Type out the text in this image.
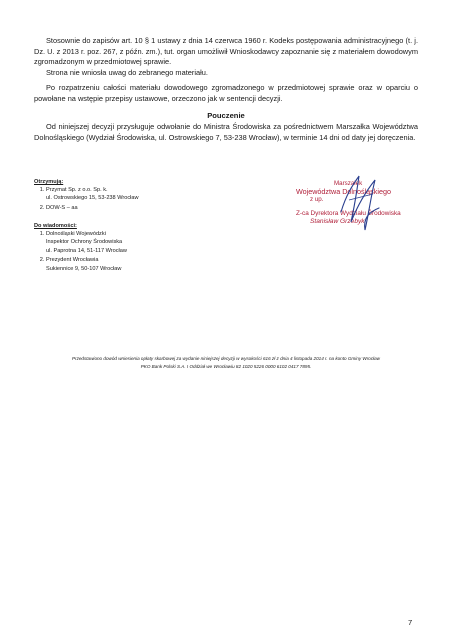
Stosownie do zapisów art. 10 § 1 ustawy z dnia 14 czerwca 1960 r. Kodeks postępowania administracyjnego (t. j. Dz. U. z 2013 r. poz. 267, z późn. zm.), tut. organ umożliwił Wnioskodawcy zapoznanie się z materiałem dowodowym zgromadzonym w przedmiotowej sprawie.

Strona nie wniosła uwag do zebranego materiału.

Po rozpatrzeniu całości materiału dowodowego zgromadzonego w przedmiotowej sprawie oraz w oparciu o powołane na wstępie przepisy ustawowe, orzeczono jak w sentencji decyzji.

Pouczenie

Od niniejszej decyzji przysługuje odwołanie do Ministra Środowiska za pośrednictwem Marszałka Województwa Dolnośląskiego (Wydział Środowiska, ul. Ostrowskiego 7, 53-238 Wrocław), w terminie 14 dni od daty jej doręczenia.

Otrzymują:
1. Przymat Sp. z o.o. Sp. k.
ul. Ostrowskiego 15, 53-238 Wrocław
2. DOW-S – aa
Do wiadomości:
1. Dolnośląski Wojewódzki
Inspektor Ochrony Środowiska
ul. Paprotna 14, 51-117 Wrocław
2. Prezydent Wrocławia
Sukiennice 9, 50-107 Wrocław
Marszałek
Województwa Dolnośląskiego
z up.
Z-ca Dyrektora Wydziału Środowiska
Stanisław Grzebyk
Przedstawiono dowód wniesienia opłaty skarbowej za wydanie niniejszej decyzji w wysokości 616 zł z dnia 4 listopada 2014 r. na konto Gminy Wrocław
PKO Bank Polski S.A. I Oddział we Wrocławiu 82 1020 5226 0000 6102 0417 7895.
7
